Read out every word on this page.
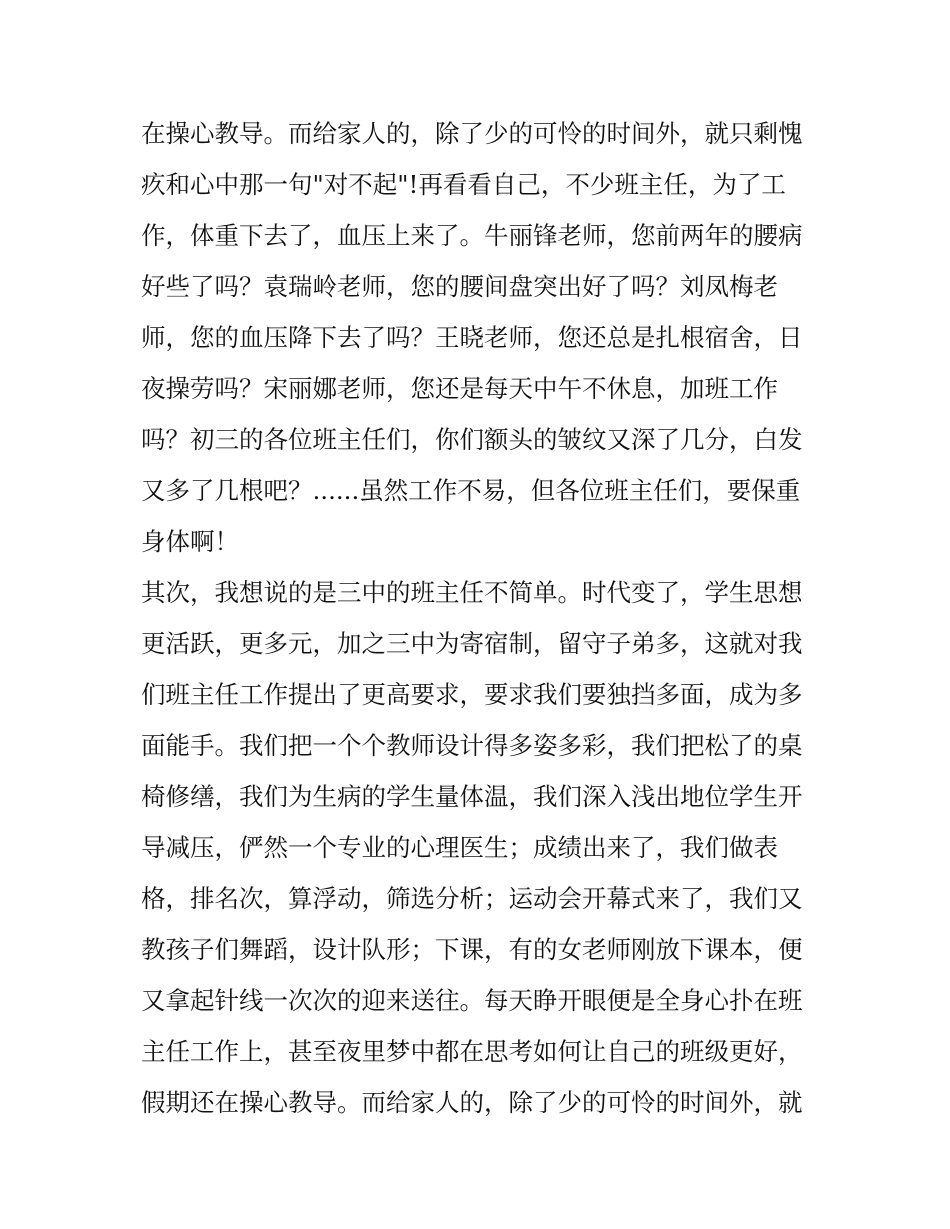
在操心教导。而给家人的，除了少的可怜的时间外，就只剩愧
疚和心中那一句"对不起"!再看看自己，不少班主任，为了工
作，体重下去了，血压上来了。牛丽锋老师，您前两年的腰病
好些了吗？袁瑞岭老师，您的腰间盘突出好了吗？刘凤梅老
师，您的血压降下去了吗？王晓老师，您还总是扎根宿舍，日
夜操劳吗？宋丽娜老师，您还是每天中午不休息，加班工作
吗？初三的各位班主任们，你们额头的皱纹又深了几分，白发
又多了几根吧？......虽然工作不易，但各位班主任们，要保重
身体啊！
其次，我想说的是三中的班主任不简单。时代变了，学生思想
更活跃，更多元，加之三中为寄宿制，留守子弟多，这就对我
们班主任工作提出了更高要求，要求我们要独挡多面，成为多
面能手。我们把一个个教师设计得多姿多彩，我们把松了的桌
椅修缮，我们为生病的学生量体温，我们深入浅出地位学生开
导减压，俨然一个专业的心理医生；成绩出来了，我们做表
格，排名次，算浮动，筛选分析；运动会开幕式来了，我们又
教孩子们舞蹈，设计队形；下课，有的女老师刚放下课本，便
又拿起针线一次次的迎来送往。每天睁开眼便是全身心扑在班
主任工作上，甚至夜里梦中都在思考如何让自己的班级更好，
假期还在操心教导。而给家人的，除了少的可怜的时间外，就
